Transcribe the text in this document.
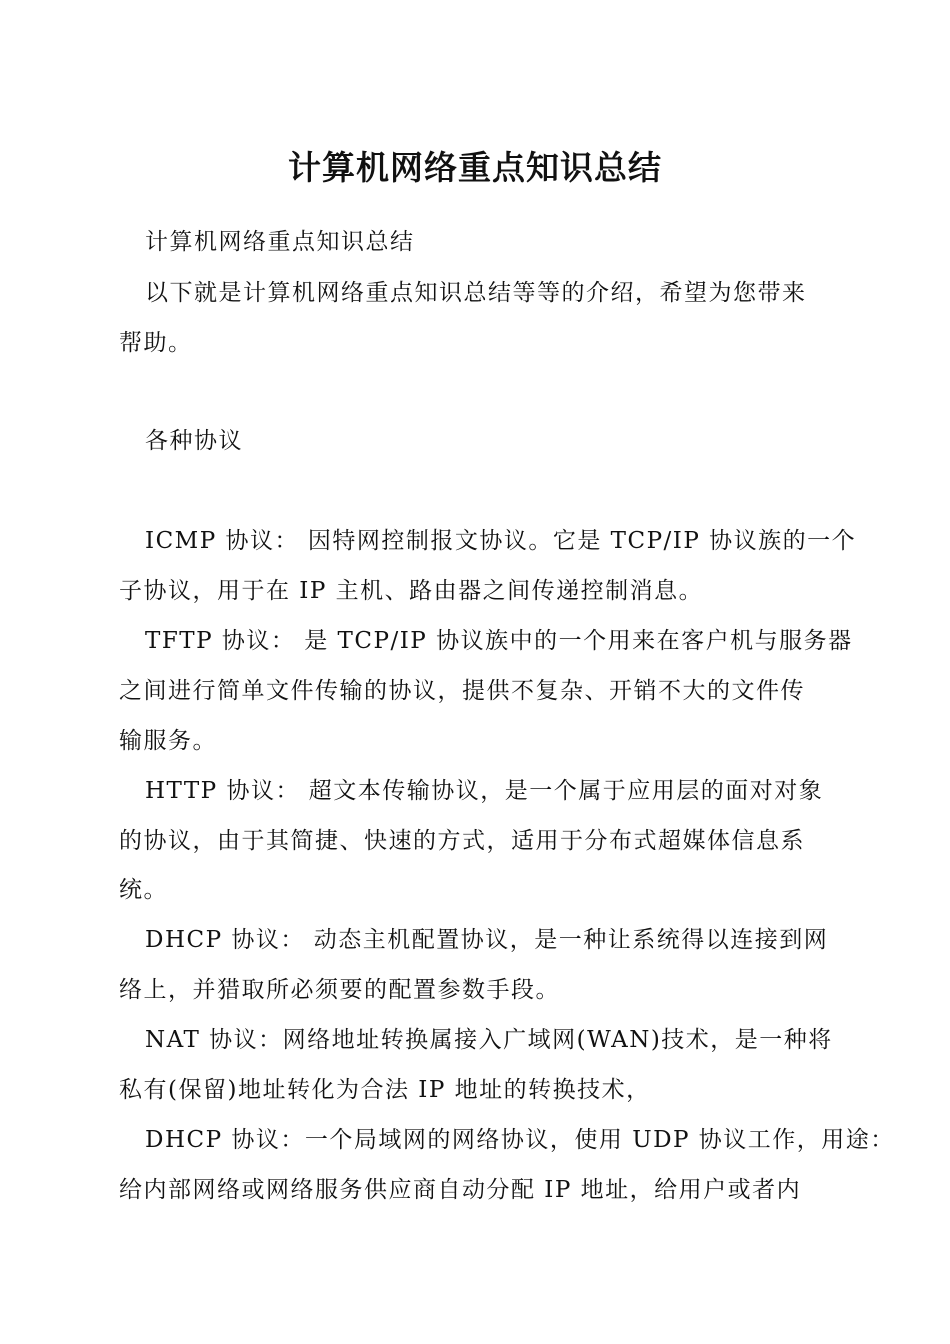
计算机网络重点知识总结
计算机网络重点知识总结
以下就是计算机网络重点知识总结等等的介绍，希望为您带来
帮助。
各种协议
ICMP 协议： 因特网控制报文协议。它是 TCP/IP 协议族的一个
子协议，用于在 IP 主机、路由器之间传递控制消息。
TFTP 协议： 是 TCP/IP 协议族中的一个用来在客户机与服务器
之间进行简单文件传输的协议，提供不复杂、开销不大的文件传
输服务。
HTTP 协议： 超文本传输协议，是一个属于应用层的面对对象
的协议，由于其简捷、快速的方式，适用于分布式超媒体信息系
统。
DHCP 协议： 动态主机配置协议，是一种让系统得以连接到网
络上，并猎取所必须要的配置参数手段。
NAT 协议：网络地址转换属接入广域网(WAN)技术，是一种将
私有(保留)地址转化为合法 IP 地址的转换技术，
DHCP 协议：一个局域网的网络协议，使用 UDP 协议工作，用途：
给内部网络或网络服务供应商自动分配 IP 地址，给用户或者内
